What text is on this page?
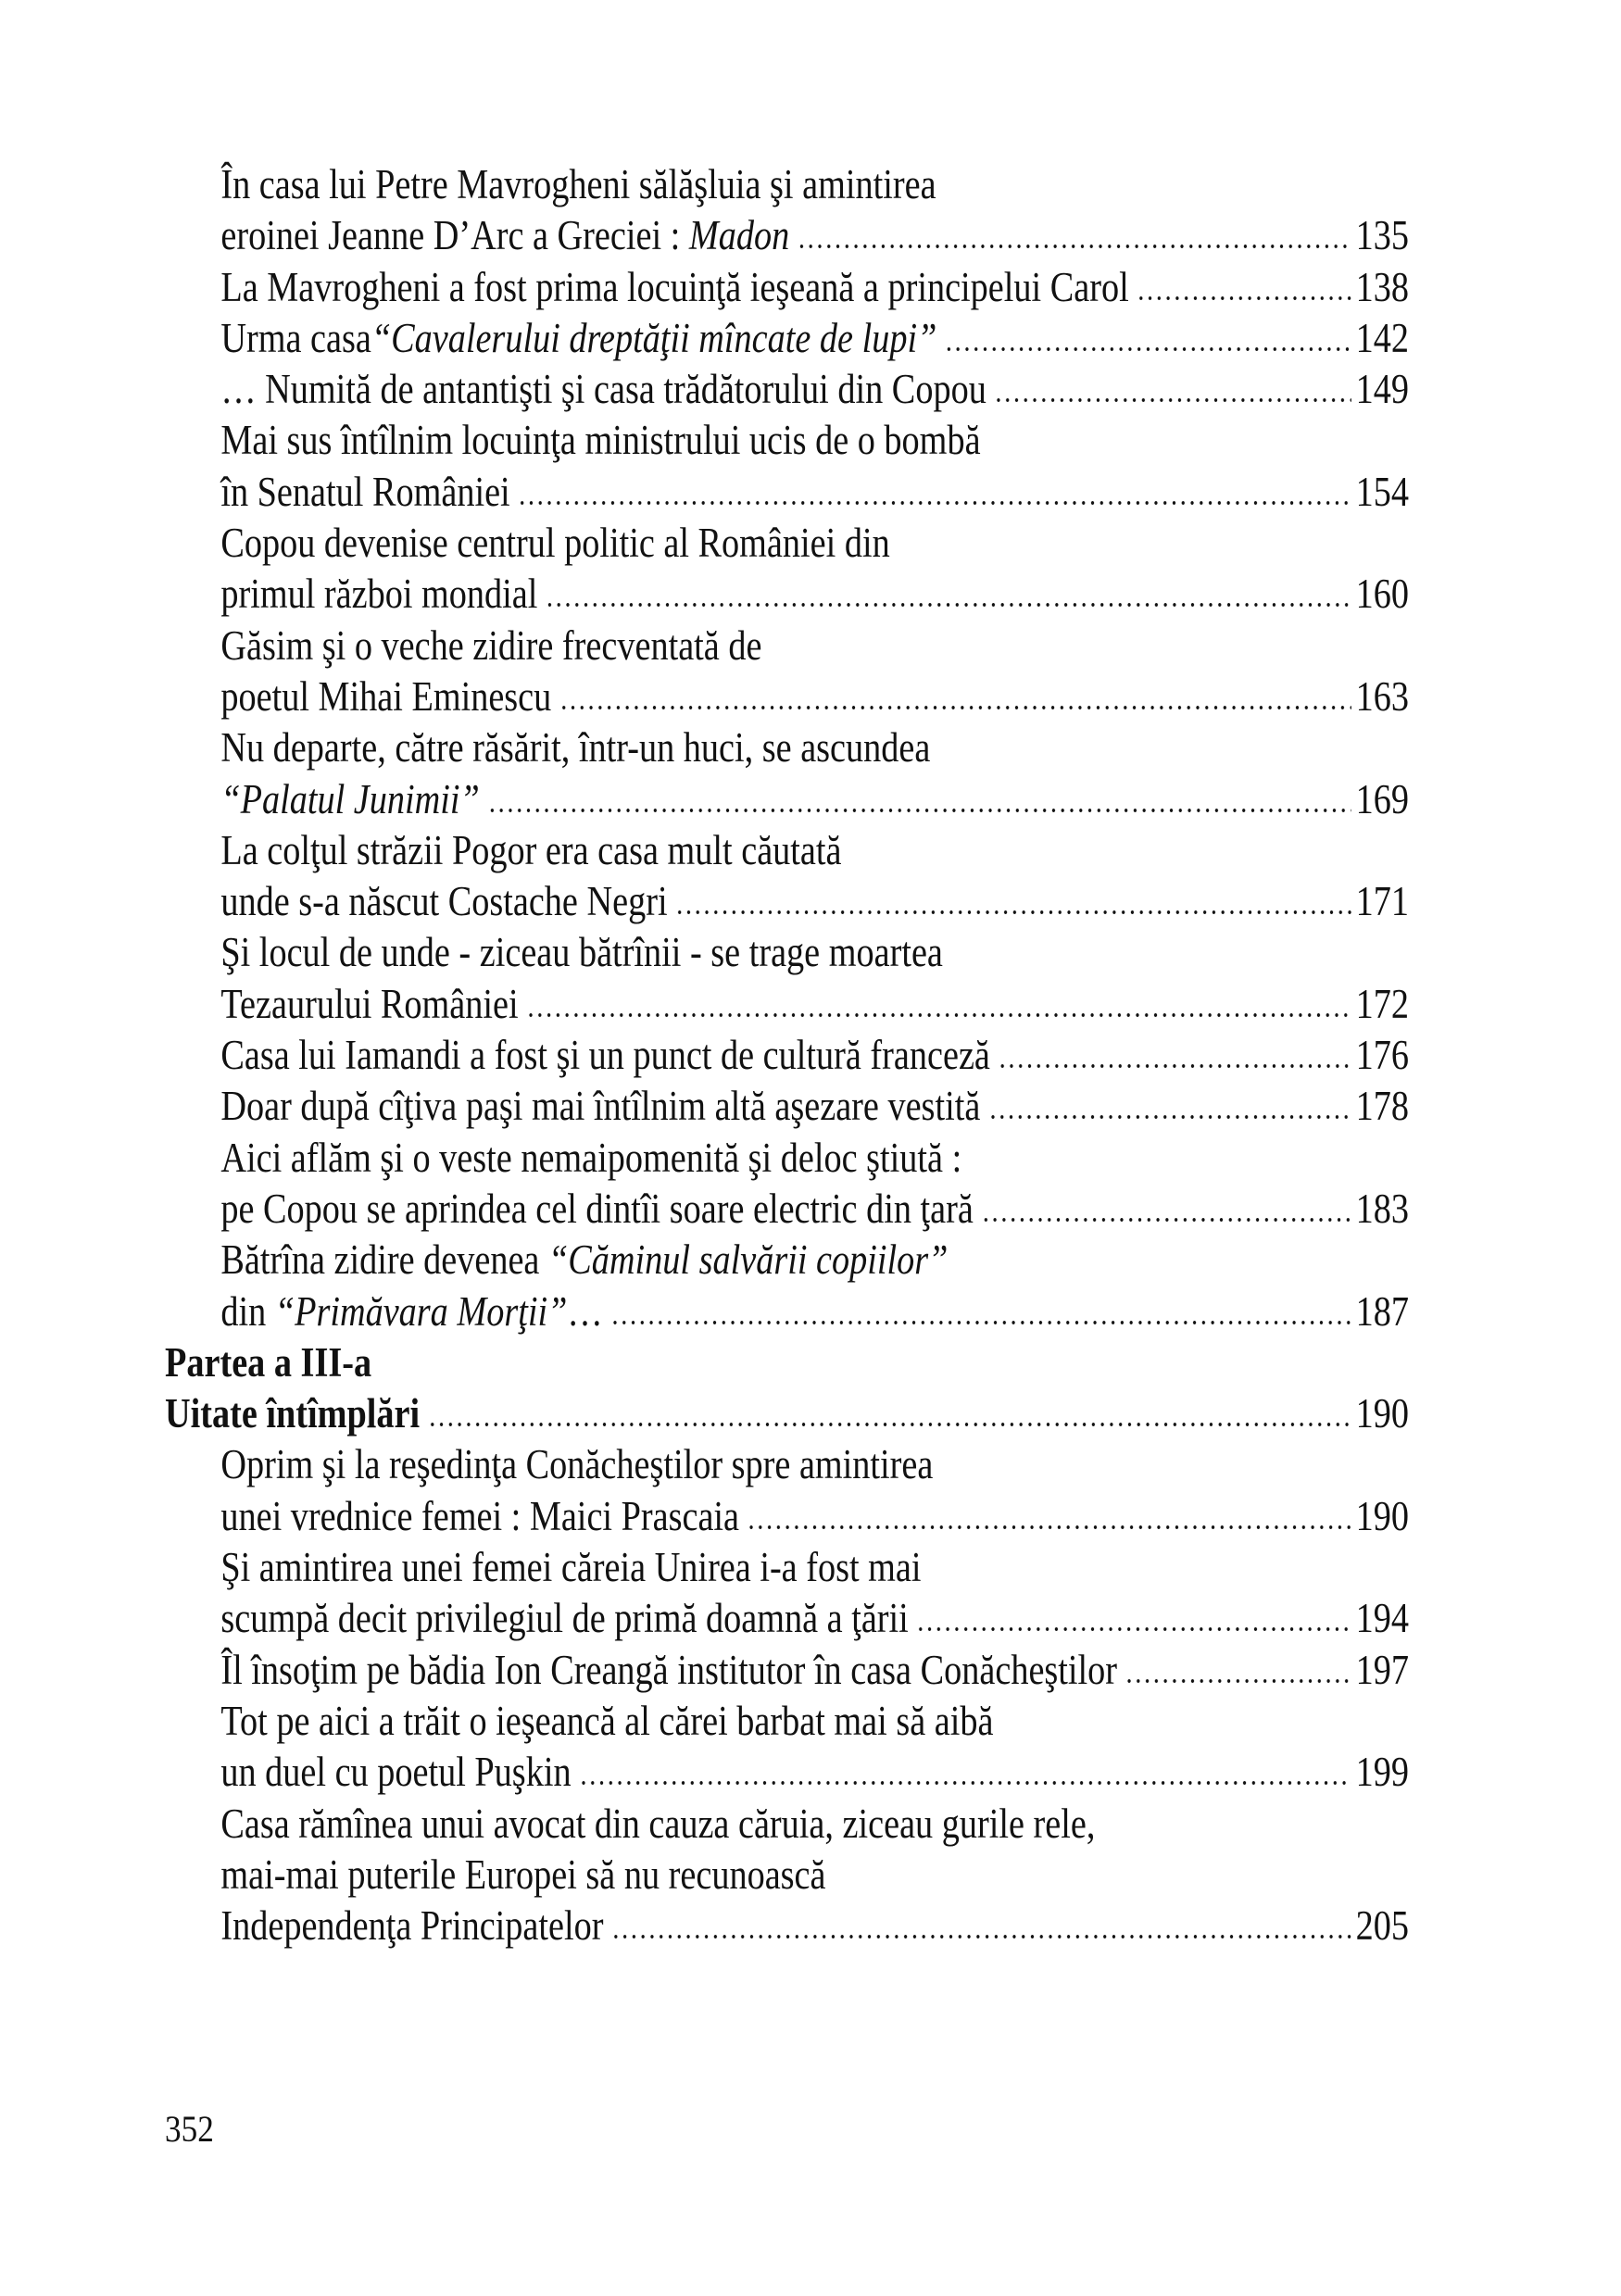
În casa lui Petre Mavrogheni sălăşluia şi amintirea
eroinei Jeanne D’Arc a Greciei : Madon	135
La Mavrogheni a fost prima locuinţă ieşeană a principelui Carol	138
Urma casa “Cavalerului dreptăţii mîncate de lupi”	142
… Numită de antantişti şi casa trădătorului din Copou	149
Mai sus întîlnim locuinţa ministrului ucis de o bombă
în Senatul României	154
Copou devenise centrul politic al României din
primul război mondial	160
Găsim şi o veche zidire frecventată de
poetul Mihai Eminescu	163
Nu departe, către răsărit, într-un huci, se ascundea
“Palatul Junimii”	169
La colţul străzii Pogor era casa mult căutată
unde s-a născut Costache Negri	171
Şi locul de unde - ziceau bătrînii - se trage moartea
Tezaurului României	172
Casa lui Iamandi a fost şi un punct de cultură franceză	176
Doar după cîţiva paşi mai întîlnim altă aşezare vestită	178
Aici aflăm şi o veste nemaipomenită şi deloc ştiută :
pe Copou se aprindea cel dintîi soare electric din ţară	183
Bătrîna zidire devenea “Căminul salvării copiilor”
din “Primăvara Morţii” …	187
Partea a III-a
Uitate întîmplări	190
Oprim şi la reşedinţa Conăcheştilor spre amintirea
unei vrednice femei : Maici Prascaia	190
Şi amintirea unei femei căreia Unirea i-a fost mai
scumpă decit privilegiul de primă doamnă a ţării	194
Îl însoţim pe bădia Ion Creangă institutor în casa Conăcheştilor	197
Tot pe aici a trăit o ieşeancă al cărei barbat mai să aibă
un duel cu poetul Puşkin	199
Casa rămînea unui avocat din cauza căruia, ziceau gurile rele,
mai-mai puterile Europei să nu recunoască
Independenţa Principatelor	205
352
